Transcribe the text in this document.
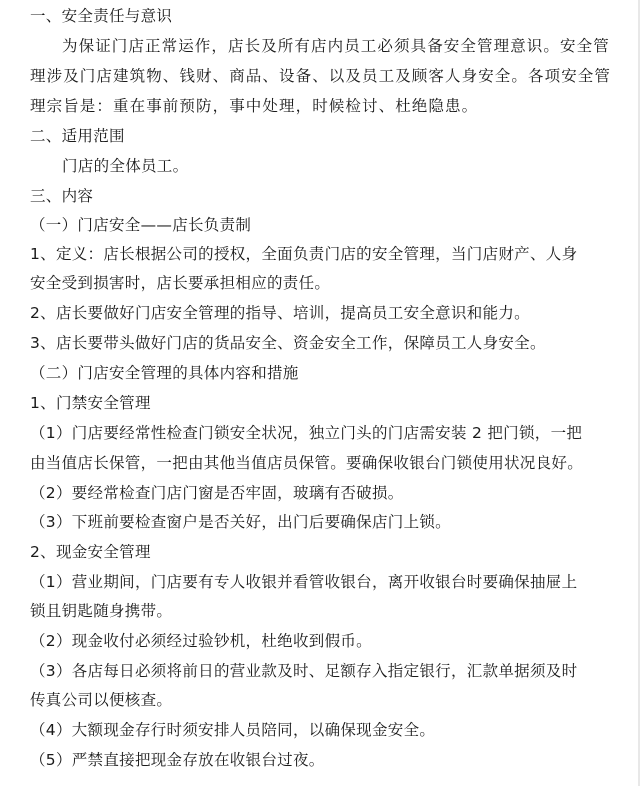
一、安全责任与意识
为保证门店正常运作，店长及所有店内员工必须具备安全管理意识。安全管
理涉及门店建筑物、钱财、商品、设备、以及员工及顾客人身安全。各项安全管
理宗旨是：重在事前预防，事中处理，时候检讨、杜绝隐患。
二、适用范围
门店的全体员工。
三、内容
（一）门店安全——店长负责制
1、定义：店长根据公司的授权，全面负责门店的安全管理，当门店财产、人身
安全受到损害时，店长要承担相应的责任。
2、店长要做好门店安全管理的指导、培训，提高员工安全意识和能力。
3、店长要带头做好门店的货品安全、资金安全工作，保障员工人身安全。
（二）门店安全管理的具体内容和措施
1、门禁安全管理
（1）门店要经常性检查门锁安全状况，独立门头的门店需安装 2 把门锁，一把
由当值店长保管，一把由其他当值店员保管。要确保收银台门锁使用状况良好。
（2）要经常检查门店门窗是否牢固，玻璃有否破损。
（3）下班前要检查窗户是否关好，出门后要确保店门上锁。
2、现金安全管理
（1）营业期间，门店要有专人收银并看管收银台，离开收银台时要确保抽屉上
锁且钥匙随身携带。
（2）现金收付必须经过验钞机，杜绝收到假币。
（3）各店每日必须将前日的营业款及时、足额存入指定银行，汇款单据须及时
传真公司以便核查。
（4）大额现金存行时须安排人员陪同，以确保现金安全。
（5）严禁直接把现金存放在收银台过夜。
